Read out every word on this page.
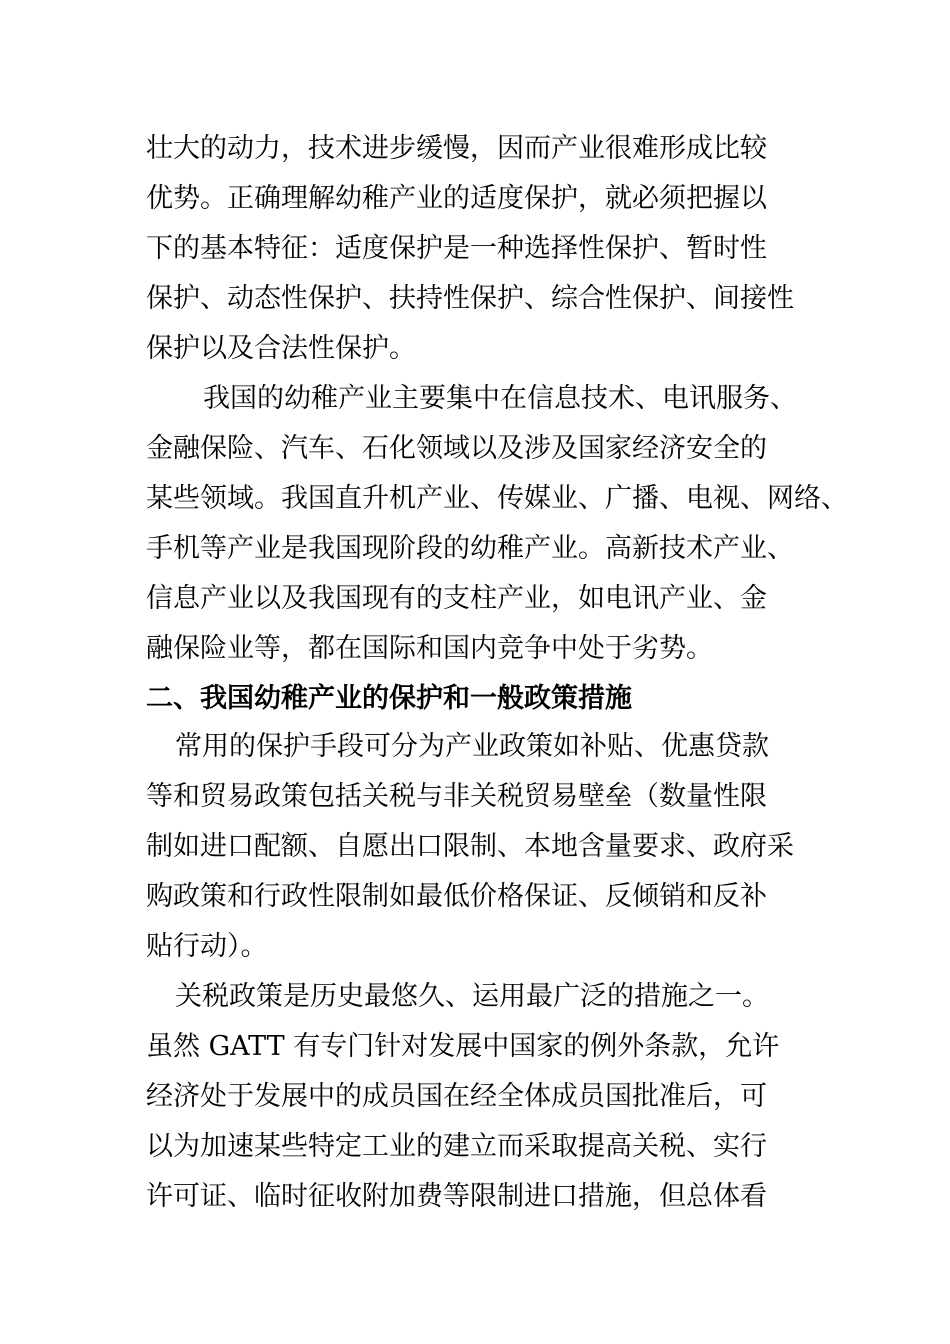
壮大的动力，技术进步缓慢，因而产业很难形成比较
优势。正确理解幼稚产业的适度保护，就必须把握以
下的基本特征：适度保护是一种选择性保护、暂时性
保护、动态性保护、扶持性保护、综合性保护、间接性
保护以及合法性保护。
我国的幼稚产业主要集中在信息技术、电讯服务、
金融保险、汽车、石化领域以及涉及国家经济安全的
某些领域。我国直升机产业、传媒业、广播、电视、网络、
手机等产业是我国现阶段的幼稚产业。高新技术产业、
信息产业以及我国现有的支柱产业，如电讯产业、金
融保险业等，都在国际和国内竞争中处于劣势。
二、我国幼稚产业的保护和一般政策措施
常用的保护手段可分为产业政策如补贴、优惠贷款
等和贸易政策包括关税与非关税贸易壁垒（数量性限
制如进口配额、自愿出口限制、本地含量要求、政府采
购政策和行政性限制如最低价格保证、反倾销和反补
贴行动）。
关税政策是历史最悠久、运用最广泛的措施之一。
虽然 GATT 有专门针对发展中国家的例外条款，允许
经济处于发展中的成员国在经全体成员国批准后，可
以为加速某些特定工业的建立而采取提高关税、实行
许可证、临时征收附加费等限制进口措施，但总体看
